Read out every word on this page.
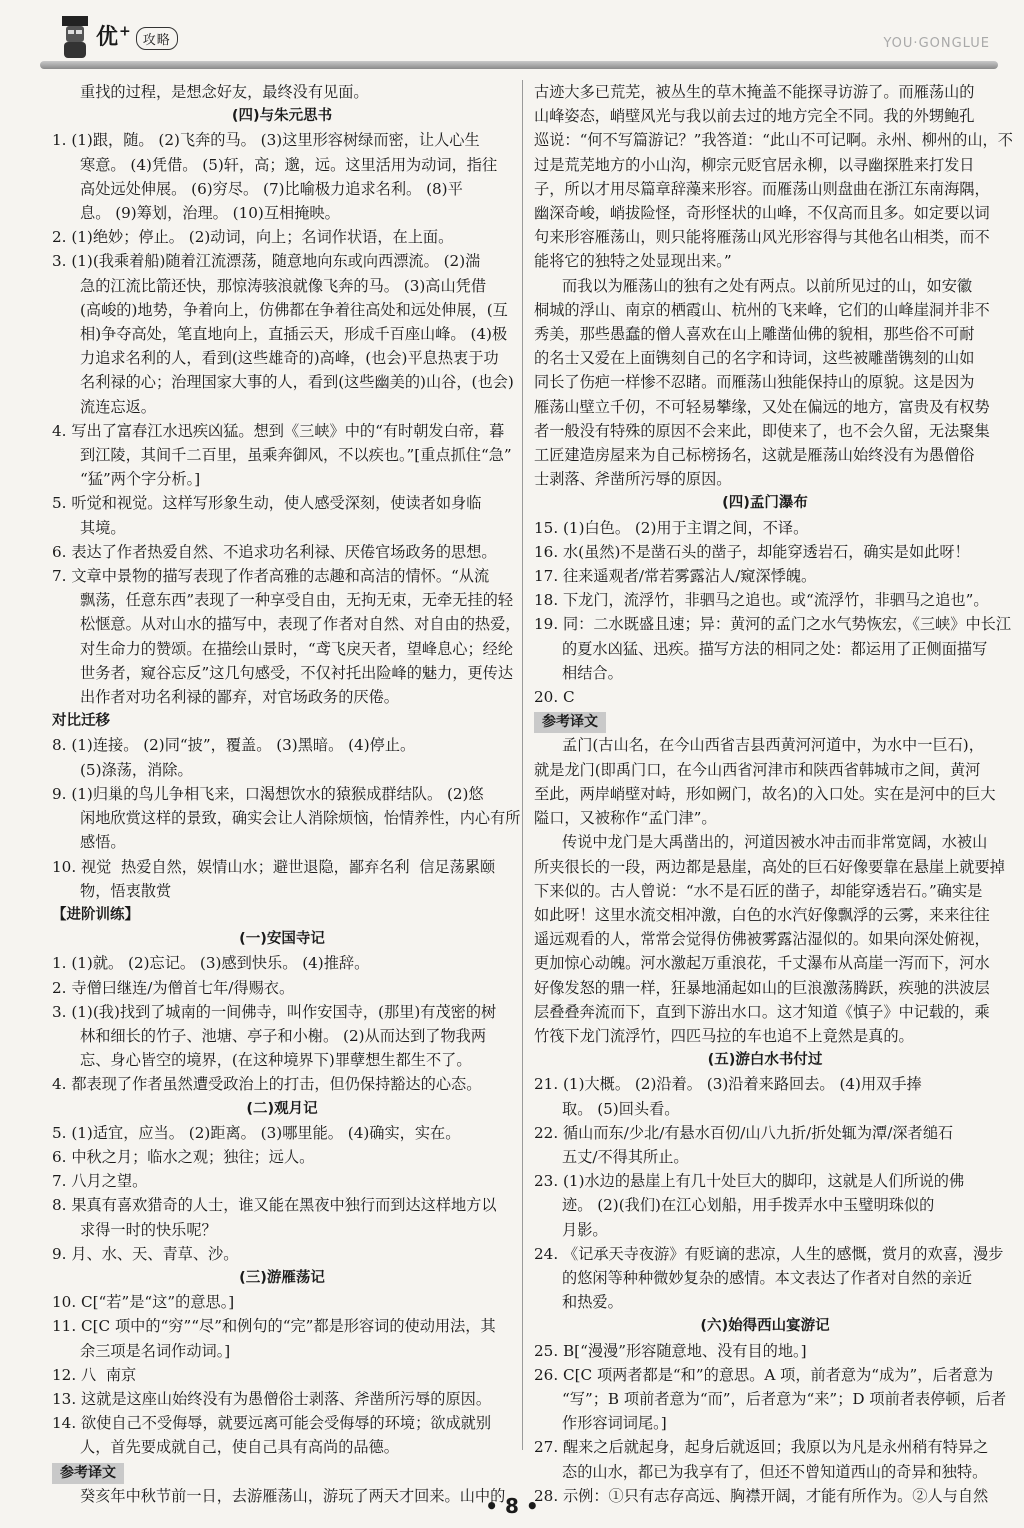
优+攻略	YOU·GONGLUE
重找的过程，是想念好友，最终没有见面。
(四)与朱元思书
1. (1)跟，随。 (2)飞奔的马。 (3)这里形容树绿而密，让人心生
寒意。 (4)凭借。 (5)轩，高；邈，远。这里活用为动词，指往
高处远处伸展。 (6)穷尽。 (7)比喻极力追求名利。 (8)平
息。 (9)筹划，治理。 (10)互相掩映。
2. (1)绝妙；停止。 (2)动词，向上；名词作状语，在上面。
3. (1)(我乘着船)随着江流漂荡，随意地向东或向西漂流。 (2)湍
急的江流比箭还快，那惊涛骇浪就像飞奔的马。 (3)高山凭借
(高峻的)地势，争着向上，仿佛都在争着往高处和远处伸展，(互
相)争夺高处，笔直地向上，直插云天，形成千百座山峰。 (4)极
力追求名利的人，看到(这些雄奇的)高峰，(也会)平息热衷于功
名利禄的心；治理国家大事的人，看到(这些幽美的)山谷，(也会)
流连忘返。
4. 写出了富春江水迅疾凶猛。想到《三峡》中的“有时朝发白帝，暮
到江陵，其间千二百里，虽乘奔御风，不以疾也。”[重点抓住“急”
“猛”两个字分析。]
5. 听觉和视觉。这样写形象生动，使人感受深刻，使读者如身临
其境。
6. 表达了作者热爱自然、不追求功名利禄、厌倦官场政务的思想。
7. 文章中景物的描写表现了作者高雅的志趣和高洁的情怀。“从流
飘荡，任意东西”表现了一种享受自由，无拘无束，无牵无挂的轻
松惬意。从对山水的描写中，表现了作者对自然、对自由的热爱，
对生命力的赞颂。在描绘山景时，“鸢飞戾天者，望峰息心；经纶
世务者，窥谷忘反”这几句感受，不仅衬托出险峰的魅力，更传达
出作者对功名利禄的鄙弃，对官场政务的厌倦。
对比迁移
8. (1)连接。 (2)同“披”，覆盖。 (3)黑暗。 (4)停止。
(5)涤荡，消除。
9. (1)归巢的鸟儿争相飞来，口渴想饮水的猿猴成群结队。 (2)悠
闲地欣赏这样的景致，确实会让人消除烦恼，怡情养性，内心有所
感悟。
10. 视觉  热爱自然，娱情山水；避世退隐，鄙弃名利  信足荡累颐
物，悟衷散赏
【进阶训练】
(一)安国寺记
1. (1)就。 (2)忘记。 (3)感到快乐。 (4)推辞。
2. 寺僧曰继连/为僧首七年/得赐衣。
3. (1)(我)找到了城南的一间佛寺，叫作安国寺，(那里)有茂密的树
林和细长的竹子、池塘、亭子和小榭。 (2)从而达到了物我两
忘、身心皆空的境界，(在这种境界下)罪孽想生都生不了。
4. 都表现了作者虽然遭受政治上的打击，但仍保持豁达的心态。
(二)观月记
5. (1)适宜，应当。 (2)距离。 (3)哪里能。 (4)确实，实在。
6. 中秋之月；临水之观；独往；远人。
7. 八月之望。
8. 果真有喜欢猎奇的人士，谁又能在黑夜中独行而到达这样地方以
求得一时的快乐呢？
9. 月、水、天、青草、沙。
(三)游雁荡记
10. C[“若”是“这”的意思。]
11. C[C 项中的“穷”“尽”和例句的“完”都是形容词的使动用法，其
余三项是名词作动词。]
12. 八  南京
13. 这就是这座山始终没有为愚僧俗士剥落、斧凿所污辱的原因。
14. 欲使自己不受侮辱，就要远离可能会受侮辱的环境；欲成就别
人，首先要成就自己，使自己具有高尚的品德。
参考译文
癸亥年中秋节前一日，去游雁荡山，游玩了两天才回来。山中的
古迹大多已荒芜，被丛生的草木掩盖不能探寻访游了。而雁荡山的
山峰姿态，峭壁风光与我以前去过的地方完全不同。我的外甥鲍孔
巡说：“何不写篇游记？”我答道：“此山不可记啊。永州、柳州的山，不
过是荒芜地方的小山沟，柳宗元贬官居永柳，以寻幽探胜来打发日
子，所以才用尽篇章辞藻来形容。而雁荡山则盘曲在浙江东南海隅，
幽深奇峻，峭拔险怪，奇形怪状的山峰，不仅高而且多。如定要以词
句来形容雁荡山，则只能将雁荡山风光形容得与其他名山相类，而不
能将它的独特之处显现出来。”
而我以为雁荡山的独有之处有两点。以前所见过的山，如安徽
桐城的浮山、南京的栖霞山、杭州的飞来峰，它们的山峰崖洞并非不
秀美，那些愚蠢的僧人喜欢在山上雕凿仙佛的貌相，那些俗不可耐
的名士又爱在上面镌刻自己的名字和诗词，这些被雕凿镌刻的山如
同长了伤疤一样惨不忍睹。而雁荡山独能保持山的原貌。这是因为
雁荡山壁立千仞，不可轻易攀缘，又处在偏远的地方，富贵及有权势
者一般没有特殊的原因不会来此，即使来了，也不会久留，无法聚集
工匠建造房屋来为自己标榜扬名，这就是雁荡山始终没有为愚僧俗
士剥落、斧凿所污辱的原因。
(四)孟门瀑布
15. (1)白色。 (2)用于主谓之间，不译。
16. 水(虽然)不是凿石头的凿子，却能穿透岩石，确实是如此呀！
17. 往来遥观者/常若雾露沾人/窥深悸魄。
18. 下龙门，流浮竹，非驷马之追也。或“流浮竹，非驷马之追也”。
19. 同：二水既盛且速；异：黄河的孟门之水气势恢宏，《三峡》中长江
的夏水凶猛、迅疾。描写方法的相同之处：都运用了正侧面描写
相结合。
20. C
参考译文
孟门(古山名，在今山西省吉县西黄河河道中，为水中一巨石)，
就是龙门(即禹门口，在今山西省河津市和陕西省韩城市之间，黄河
至此，两岸峭壁对峙，形如阙门，故名)的入口处。实在是河中的巨大
隘口，又被称作“孟门津”。
传说中龙门是大禹凿出的，河道因被水冲击而非常宽阔，水被山
所夹很长的一段，两边都是悬崖，高处的巨石好像要靠在悬崖上就要掉
下来似的。古人曾说：“水不是石匠的凿子，却能穿透岩石。”确实是
如此呀！这里水流交相冲激，白色的水汽好像飘浮的云雾，来来往往
遥远观看的人，常常会觉得仿佛被雾露沾湿似的。如果向深处俯视，
更加惊心动魄。河水激起万重浪花，千丈瀑布从高崖一泻而下，河水
好像发怒的鼎一样，狂暴地涌起如山的巨浪激荡腾跃，疾驰的洪波层
层叠叠奔流而下，直到下游出水口。这才知道《慎子》中记载的，乘
竹筏下龙门流浮竹，四匹马拉的车也追不上竟然是真的。
(五)游白水书付过
21. (1)大概。 (2)沿着。 (3)沿着来路回去。 (4)用双手捧
取。 (5)回头看。
22. 循山而东/少北/有悬水百仞/山八九折/折处辄为潭/深者缒石
五丈/不得其所止。
23. (1)水边的悬崖上有几十处巨大的脚印，这就是人们所说的佛
迹。 (2)(我们)在江心划船，用手拨弄水中玉璧明珠似的
月影。
24. 《记承天寺夜游》有贬谪的悲凉，人生的感慨，赏月的欢喜，漫步
的悠闲等种种微妙复杂的感情。本文表达了作者对自然的亲近
和热爱。
(六)始得西山宴游记
25. B[“漫漫”形容随意地、没有目的地。]
26. C[C 项两者都是“和”的意思。A 项，前者意为“成为”，后者意为
“写”；B 项前者意为“而”，后者意为“来”；D 项前者表停顿，后者
作形容词词尾。]
27. 醒来之后就起身，起身后就返回；我原以为凡是永州稍有特异之
态的山水，都已为我享有了，但还不曾知道西山的奇异和独特。
28. 示例：①只有志存高远、胸襟开阔，才能有所作为。②人与自然
• 8 •
